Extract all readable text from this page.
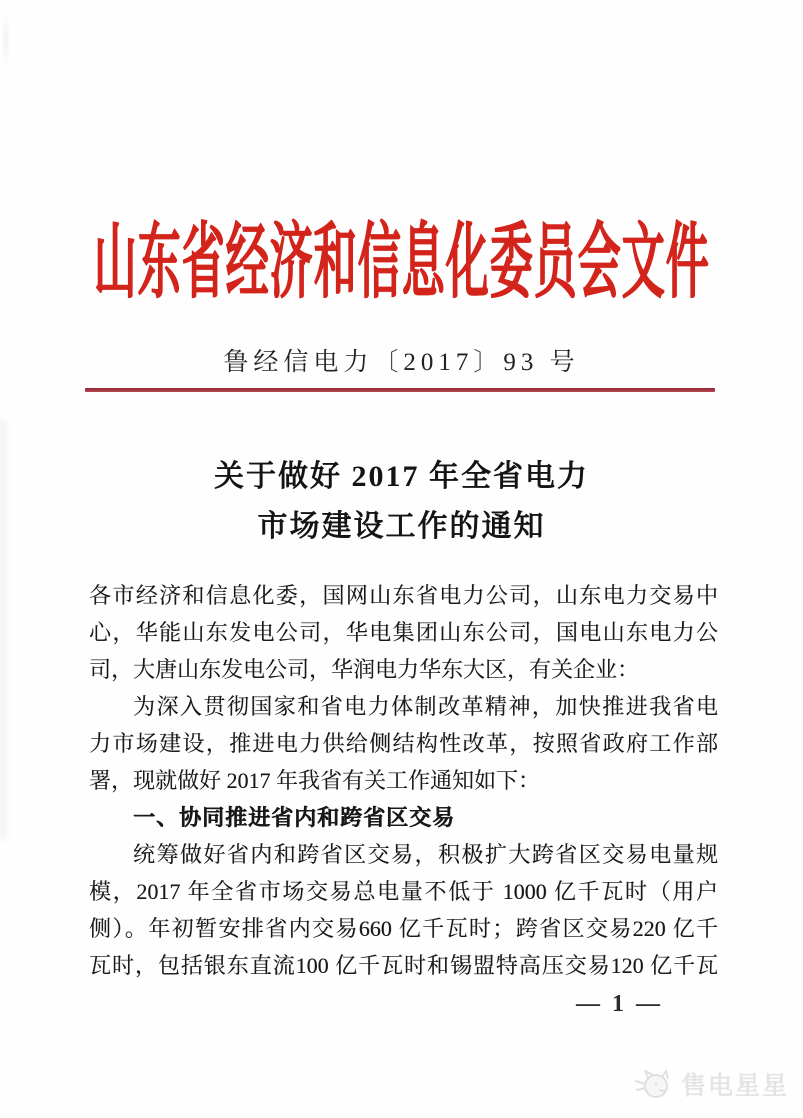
山东省经济和信息化委员会文件
鲁经信电力〔2017〕93 号
关于做好 2017 年全省电力
市场建设工作的通知
各市经济和信息化委，国网山东省电力公司，山东电力交易中
心，华能山东发电公司，华电集团山东公司，国电山东电力公
司，大唐山东发电公司，华润电力华东大区，有关企业：
为深入贯彻国家和省电力体制改革精神，加快推进我省电
力市场建设，推进电力供给侧结构性改革，按照省政府工作部
署，现就做好 2017 年我省有关工作通知如下：
一、协同推进省内和跨省区交易
统筹做好省内和跨省区交易，积极扩大跨省区交易电量规
模，2017 年全省市场交易总电量不低于 1000 亿千瓦时（用户
侧）。年初暂安排省内交易660 亿千瓦时；跨省区交易220 亿千
瓦时，包括银东直流100 亿千瓦时和锡盟特高压交易120 亿千瓦
— 1 —
售电星星
